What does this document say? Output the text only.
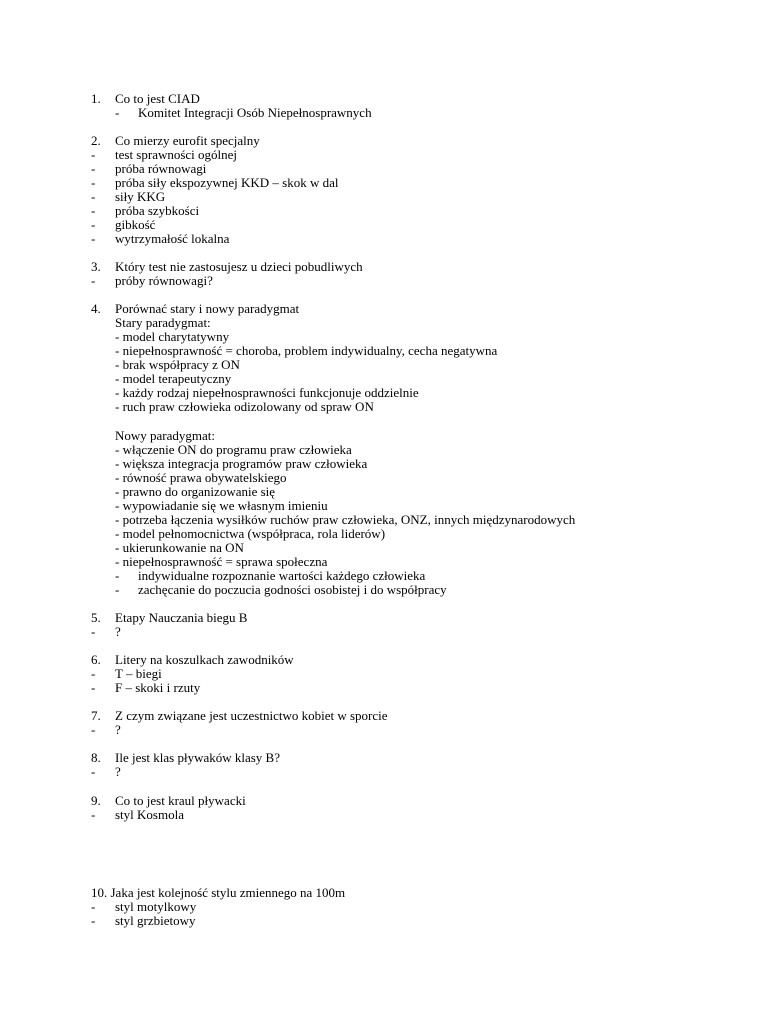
1. Co to jest CIAD
- Komitet Integracji Osób Niepełnosprawnych
2. Co mierzy eurofit specjalny
- test sprawności ogólnej
- próba równowagi
- próba siły ekspozywnej KKD – skok w dal
- siły KKG
- próba szybkości
- gibkość
- wytrzymałość lokalna
3. Który test nie zastosujesz u dzieci pobudliwych
- próby równowagi?
4. Porównać stary i nowy paradygmat
Stary paradygmat:
- model charytatywny
- niepełnosprawność = choroba, problem indywidualny, cecha negatywna
- brak współpracy z ON
- model terapeutyczny
- każdy rodzaj niepełnosprawności funkcjonuje oddzielnie
- ruch praw człowieka odizolowany od spraw ON
Nowy paradygmat:
- włączenie ON do programu praw człowieka
- większa integracja programów praw człowieka
- równość prawa obywatelskiego
- prawno do organizowanie się
- wypowiadanie się we własnym imieniu
- potrzeba łączenia wysiłków ruchów praw człowieka, ONZ, innych międzynarodowych
- model pełnomocnictwa (współpraca, rola liderów)
- ukierunkowanie na ON
- niepełnosprawność = sprawa społeczna
- indywidualne rozpoznanie wartości każdego człowieka
- zachęcanie do poczucia godności osobistej i do współpracy
5. Etapy Nauczania biegu B
- ?
6. Litery na koszulkach zawodników
- T – biegi
- F – skoki i rzuty
7. Z czym związane jest uczestnictwo kobiet w sporcie
- ?
8. Ile jest klas pływaków klasy B?
- ?
9. Co to jest kraul pływacki
- styl Kosmola
10. Jaka jest kolejność stylu zmiennego na 100m
- styl motylkowy
- styl grzbietowy
